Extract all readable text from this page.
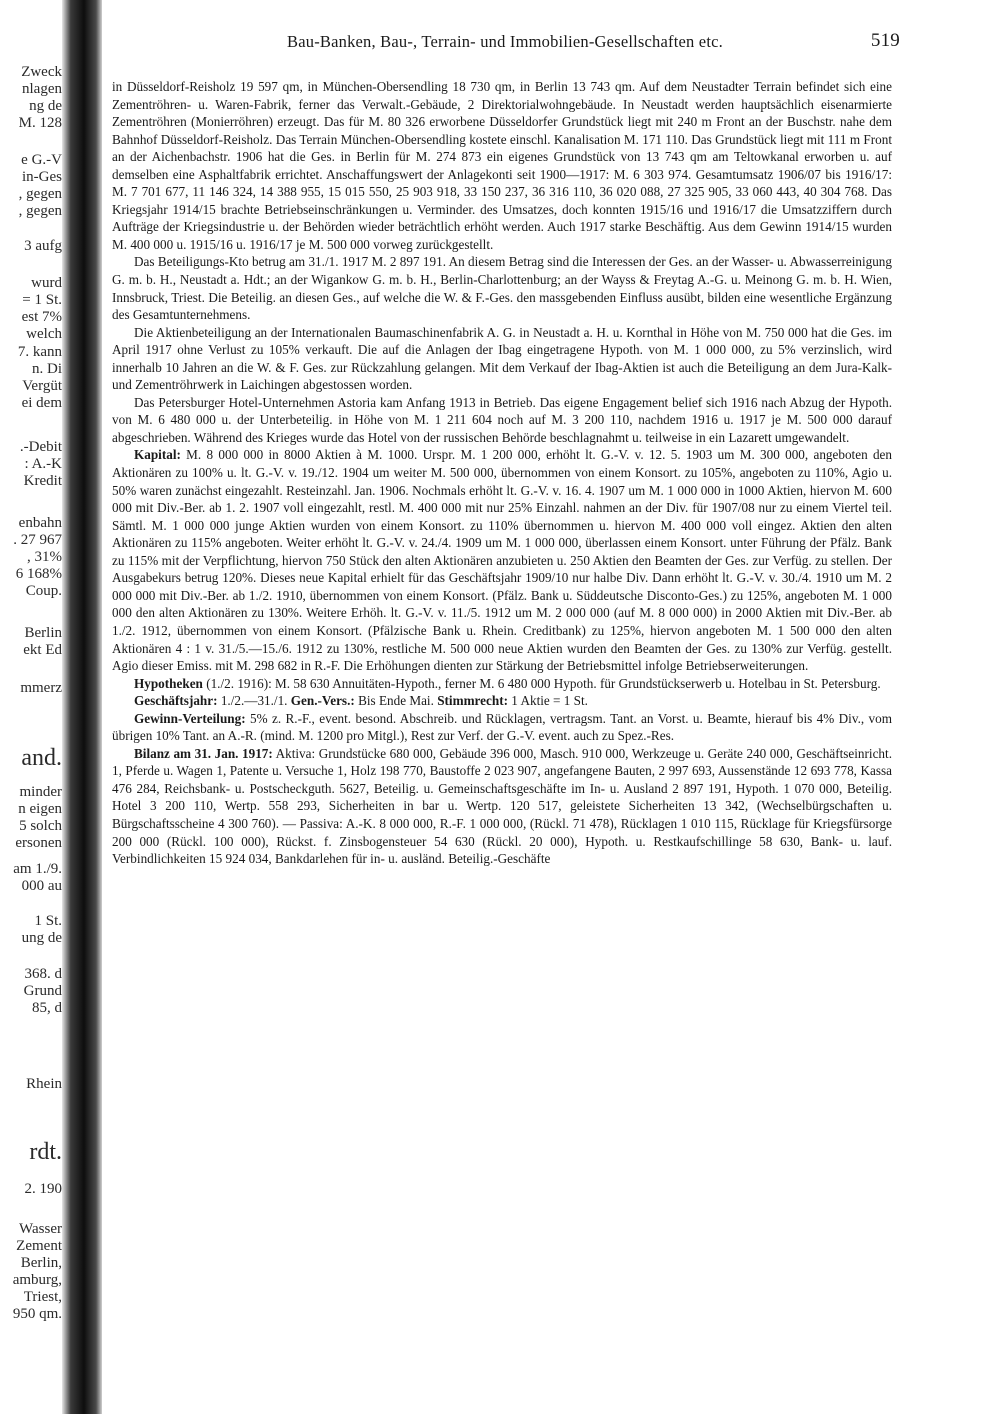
Zweck
nlagen
ng de
M. 128
e G.-V
in-Ges
, gegen
, gegen
3 aufg
wurd
= 1 St.
est 7%
welch
7. kann
n. Di
Vergüt
ei dem
.-Debit
: A.-K
Kredit
enbahn
. 27 967
, 31%
6 168%
Coup.
Berlin
ekt Ed
mmerz
and.
minder
n eigen
5 solch
ersonen
am 1./9.
000 au
1 St.
ung de
368. d
Grund
85, d
Rhein
rdt.
2. 190
Wasser
Zement
Berlin,
amburg,
Triest,
950 qm.
Bau-Banken, Bau-, Terrain- und Immobilien-Gesellschaften etc.	519

in Düsseldorf-Reisholz 19 597 qm, in München-Obersendling 18 730 qm, in Berlin 13 743 qm. Auf dem Neustadter Terrain befindet sich eine Zementröhren- u. Waren-Fabrik, ferner das Verwalt.-Gebäude, 2 Direktorialwohngebäude. In Neustadt werden hauptsächlich eisenarmierte Zementröhren (Monierröhren) erzeugt. Das für M. 80 326 erworbene Düsseldorfer Grundstück liegt mit 240 m Front an der Buschstr. nahe dem Bahnhof Düsseldorf-Reisholz. Das Terrain München-Obersendling kostete einschl. Kanalisation M. 171 110. Das Grundstück liegt mit 111 m Front an der Aichenbachstr. 1906 hat die Ges. in Berlin für M. 274 873 ein eigenes Grundstück von 13 743 qm am Teltowkanal erworben u. auf demselben eine Asphaltfabrik errichtet. Anschaffungswert der Anlagekonti seit 1900—1917: M. 6 303 974. Gesamtumsatz 1906/07 bis 1916/17: M. 7 701 677, 11 146 324, 14 388 955, 15 015 550, 25 903 918, 33 150 237, 36 316 110, 36 020 088, 27 325 905, 33 060 443, 40 304 768. Das Kriegsjahr 1914/15 brachte Betriebseinschränkungen u. Verminder. des Umsatzes, doch konnten 1915/16 und 1916/17 die Umsatzziffern durch Aufträge der Kriegsindustrie u. der Behörden wieder beträchtlich erhöht werden. Auch 1917 starke Beschäftig. Aus dem Gewinn 1914/15 wurden M. 400 000 u. 1915/16 u. 1916/17 je M. 500 000 vorweg zurückgestellt.

Das Beteiligungs-Kto betrug am 31./1. 1917 M. 2 897 191. An diesem Betrag sind die Interessen der Ges. an der Wasser- u. Abwasserreinigung G. m. b. H., Neustadt a. Hdt.; an der Wigankow G. m. b. H., Berlin-Charlottenburg; an der Wayss & Freytag A.-G. u. Meinong G. m. b. H. Wien, Innsbruck, Triest. Die Beteilig. an diesen Ges., auf welche die W. & F.-Ges. den massgebenden Einfluss ausübt, bilden eine wesentliche Ergänzung des Gesamtunternehmens.

Die Aktienbeteiligung an der Internationalen Baumaschinenfabrik A. G. in Neustadt a. H. u. Kornthal in Höhe von M. 750 000 hat die Ges. im April 1917 ohne Verlust zu 105% verkauft. Die auf die Anlagen der Ibag eingetragene Hypoth. von M. 1 000 000, zu 5% verzinslich, wird innerhalb 10 Jahren an die W. & F. Ges. zur Rückzahlung gelangen. Mit dem Verkauf der Ibag-Aktien ist auch die Beteiligung an dem Jura-Kalk- und Zementröhrwerk in Laichingen abgestossen worden.

Das Petersburger Hotel-Unternehmen Astoria kam Anfang 1913 in Betrieb. Das eigene Engagement belief sich 1916 nach Abzug der Hypoth. von M. 6 480 000 u. der Unterbeteilig. in Höhe von M. 1 211 604 noch auf M. 3 200 110, nachdem 1916 u. 1917 je M. 500 000 darauf abgeschrieben. Während des Krieges wurde das Hotel von der russischen Behörde beschlagnahmt u. teilweise in ein Lazarett umgewandelt.

Kapital: M. 8 000 000 in 8000 Aktien à M. 1000. Urspr. M. 1 200 000, erhöht lt. G.-V. v. 12. 5. 1903 um M. 300 000, angeboten den Aktionären zu 100% u. lt. G.-V. v. 19./12. 1904 um weiter M. 500 000, übernommen von einem Konsort. zu 105%, angeboten zu 110%, Agio u. 50% waren zunächst eingezahlt. Resteinzahl. Jan. 1906. Nochmals erhöht lt. G.-V. v. 16. 4. 1907 um M. 1 000 000 in 1000 Aktien, hiervon M. 600 000 mit Div.-Ber. ab 1. 2. 1907 voll eingezahlt, restl. M. 400 000 mit nur 25% Einzahl. nahmen an der Div. für 1907/08 nur zu einem Viertel teil. Sämtl. M. 1 000 000 junge Aktien wurden von einem Konsort. zu 110% übernommen u. hiervon M. 400 000 voll eingez. Aktien den alten Aktionären zu 115% angeboten. Weiter erhöht lt. G.-V. v. 24./4. 1909 um M. 1 000 000, überlassen einem Konsort. unter Führung der Pfälz. Bank zu 115% mit der Verpflichtung, hiervon 750 Stück den alten Aktionären anzubieten u. 250 Aktien den Beamten der Ges. zur Verfüg. zu stellen. Der Ausgabekurs betrug 120%. Dieses neue Kapital erhielt für das Geschäftsjahr 1909/10 nur halbe Div. Dann erhöht lt. G.-V. v. 30./4. 1910 um M. 2 000 000 mit Div.-Ber. ab 1./2. 1910, übernommen von einem Konsort. (Pfälz. Bank u. Süddeutsche Disconto-Ges.) zu 125%, angeboten M. 1 000 000 den alten Aktionären zu 130%. Weitere Erhöh. lt. G.-V. v. 11./5. 1912 um M. 2 000 000 (auf M. 8 000 000) in 2000 Aktien mit Div.-Ber. ab 1./2. 1912, übernommen von einem Konsort. (Pfälzische Bank u. Rhein. Creditbank) zu 125%, hiervon angeboten M. 1 500 000 den alten Aktionären 4 : 1 v. 31./5.—15./6. 1912 zu 130%, restliche M. 500 000 neue Aktien wurden den Beamten der Ges. zu 130% zur Verfüg. gestellt. Agio dieser Emiss. mit M. 298 682 in R.-F. Die Erhöhungen dienten zur Stärkung der Betriebsmittel infolge Betriebserweiterungen.

Hypotheken (1./2. 1916): M. 58 630 Annuitäten-Hypoth., ferner M. 6 480 000 Hypoth. für Grundstückserwerb u. Hotelbau in St. Petersburg.

Geschäftsjahr: 1./2.—31./1. Gen.-Vers.: Bis Ende Mai. Stimmrecht: 1 Aktie = 1 St.

Gewinn-Verteilung: 5% z. R.-F., event. besond. Abschreib. und Rücklagen, vertragsm. Tant. an Vorst. u. Beamte, hierauf bis 4% Div., vom übrigen 10% Tant. an A.-R. (mind. M. 1200 pro Mitgl.), Rest zur Verf. der G.-V. event. auch zu Spez.-Res.

Bilanz am 31. Jan. 1917: Aktiva: Grundstücke 680 000, Gebäude 396 000, Masch. 910 000, Werkzeuge u. Geräte 240 000, Geschäftseinricht. 1, Pferde u. Wagen 1, Patente u. Versuche 1, Holz 198 770, Baustoffe 2 023 907, angefangene Bauten, 2 997 693, Aussenstände 12 693 778, Kassa 476 284, Reichsbank- u. Postscheckguth. 5627, Beteilig. u. Gemeinschaftsgeschäfte im In- u. Ausland 2 897 191, Hypoth. 1 070 000, Beteilig. Hotel 3 200 110, Wertp. 558 293, Sicherheiten in bar u. Wertp. 120 517, geleistete Sicherheiten 13 342, (Wechselbürgschaften u. Bürgschaftsscheine 4 300 760). — Passiva: A.-K. 8 000 000, R.-F. 1 000 000, (Rückl. 71 478), Rücklagen 1 010 115, Rücklage für Kriegsfürsorge 200 000 (Rückl. 100 000), Rückst. f. Zinsbogensteuer 54 630 (Rückl. 20 000), Hypoth. u. Restkaufschillinge 58 630, Bank- u. lauf. Verbindlichkeiten 15 924 034, Bankdarlehen für in- u. ausländ. Beteilig.-Geschäfte
